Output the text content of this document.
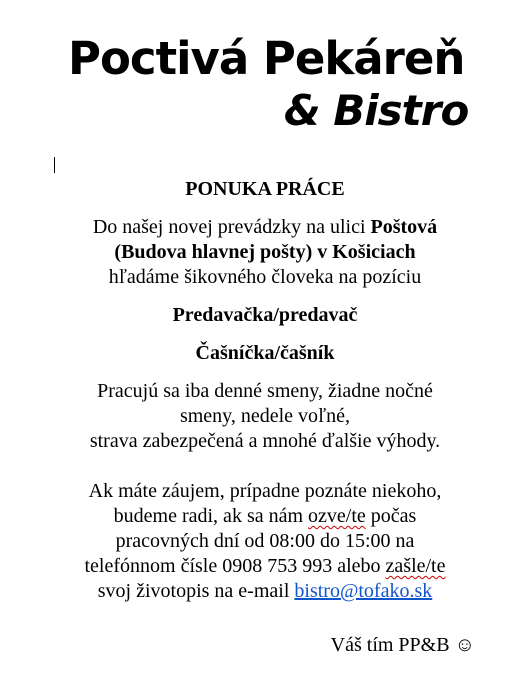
Poctivá Pekáreň
& Bistro
PONUKA PRÁCE
Do našej novej prevádzky na ulici Poštová
(Budova hlavnej pošty) v Košiciach
hľadáme šikovného človeka na pozíciu
Predavačka/predavač
Čašníčka/čašník
Pracujú sa iba denné smeny, žiadne nočné
smeny, nedele voľné,
strava zabezpečená a mnohé ďalšie výhody.
Ak máte záujem, prípadne poznáte niekoho,
budeme radi, ak sa nám ozve/te počas
pracovných dní od 08:00 do 15:00 na
telefónnom čísle 0908 753 993 alebo zašle/te
svoj životopis na e-mail bistro@tofako.sk
Váš tím PP&B ☺
